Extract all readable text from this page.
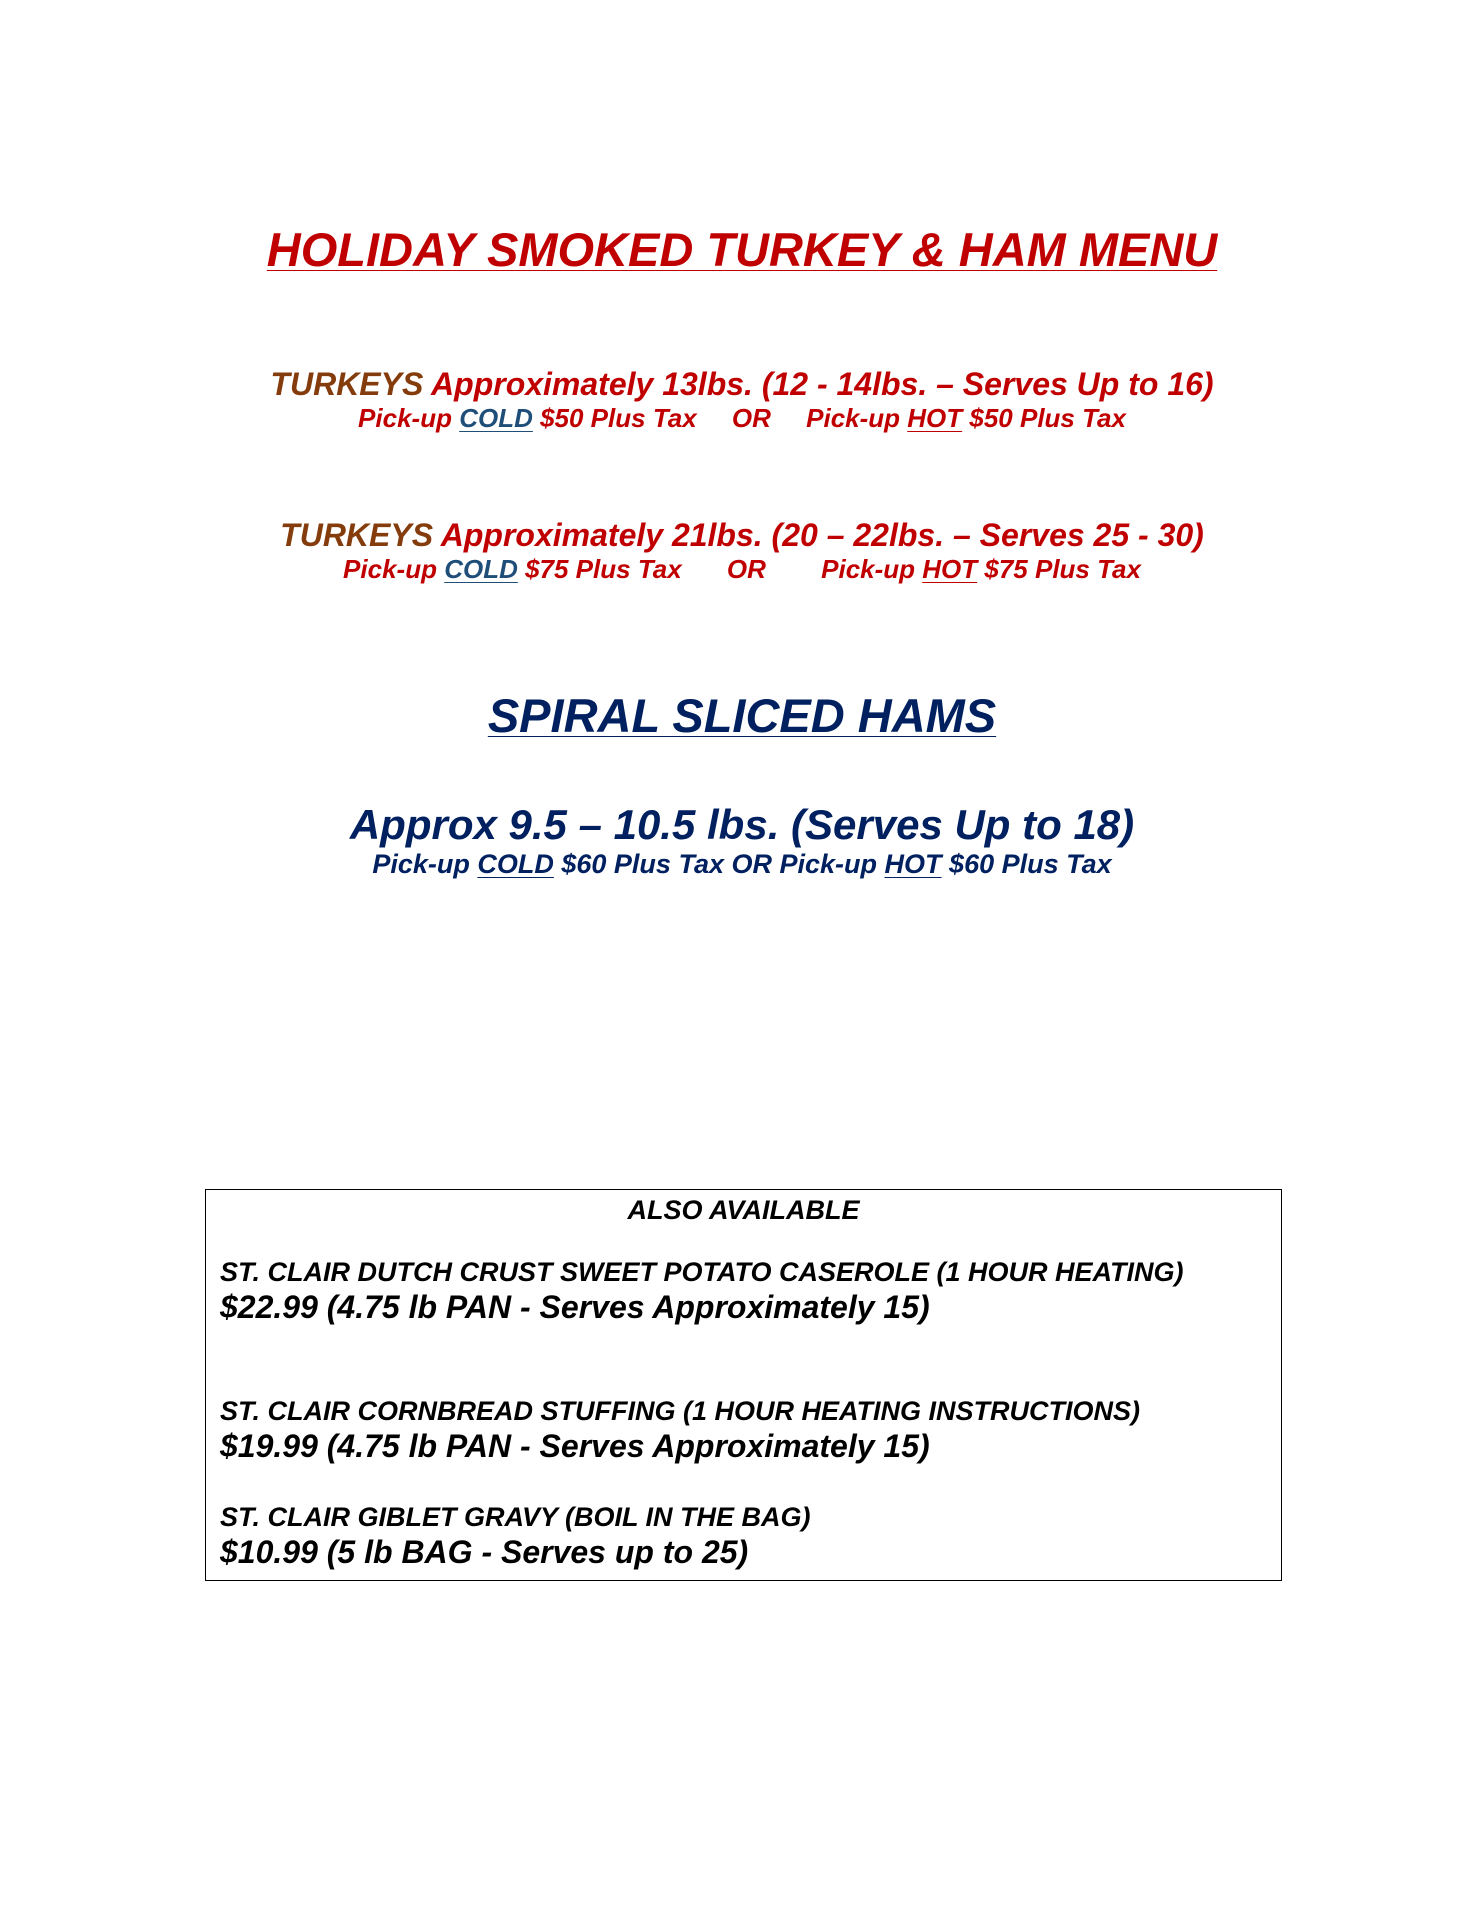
HOLIDAY SMOKED TURKEY & HAM MENU
TURKEYS Approximately 13lbs. (12 - 14lbs. – Serves Up to 16)
Pick-up COLD $50 Plus Tax OR Pick-up HOT $50 Plus Tax
TURKEYS Approximately 21lbs. (20 – 22lbs. – Serves 25 - 30)
Pick-up COLD $75 Plus Tax OR Pick-up HOT $75 Plus Tax
SPIRAL SLICED HAMS
Approx 9.5 – 10.5 lbs. (Serves Up to 18)
Pick-up COLD $60 Plus Tax OR Pick-up HOT $60 Plus Tax
ALSO AVAILABLE
ST. CLAIR DUTCH CRUST SWEET POTATO CASEROLE (1 HOUR HEATING)
$22.99 (4.75 lb PAN - Serves Approximately 15)
ST. CLAIR CORNBREAD STUFFING (1 HOUR HEATING INSTRUCTIONS)
$19.99 (4.75 lb PAN - Serves Approximately 15)
ST. CLAIR GIBLET GRAVY (BOIL IN THE BAG)
$10.99 (5 lb BAG - Serves up to 25)
